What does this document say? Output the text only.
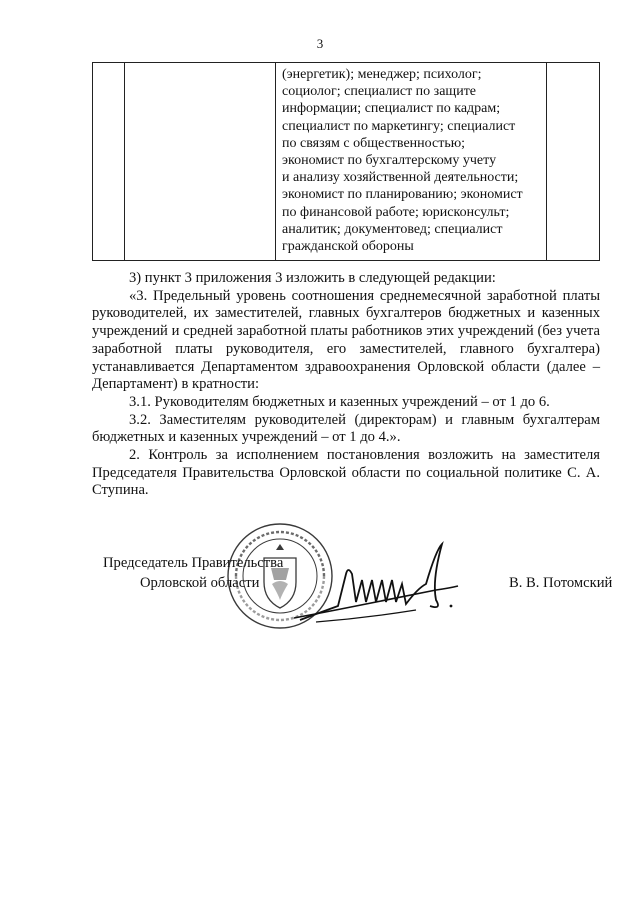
3

(энергетик); менеджер; психолог;
социолог; специалист по защите
информации; специалист по кадрам;
специалист по маркетингу; специалист
по связям с общественностью;
экономист по бухгалтерскому учету
и анализу хозяйственной деятельности;
экономист по планированию; экономист
по финансовой работе; юрисконсульт;
аналитик; документовед; специалист
гражданской обороны

3) пункт 3 приложения 3 изложить в следующей редакции:

«3. Предельный уровень соотношения среднемесячной заработной платы руководителей, их заместителей, главных бухгалтеров бюджетных и казенных учреждений и средней заработной платы работников этих учреждений (без учета заработной платы руководителя, его заместителей, главного бухгалтера) устанавливается Департаментом здравоохранения Орловской области (далее – Департамент) в кратности:

3.1. Руководителям бюджетных и казенных учреждений – от 1 до 6.

3.2. Заместителям руководителей (директорам) и главным бухгалтерам бюджетных и казенных учреждений – от 1 до 4.».

2. Контроль за исполнением постановления возложить на заместителя Председателя Правительства Орловской области по социальной политике С. А. Ступина.

Председатель Правительства
Орловской области	В. В. Потомский
